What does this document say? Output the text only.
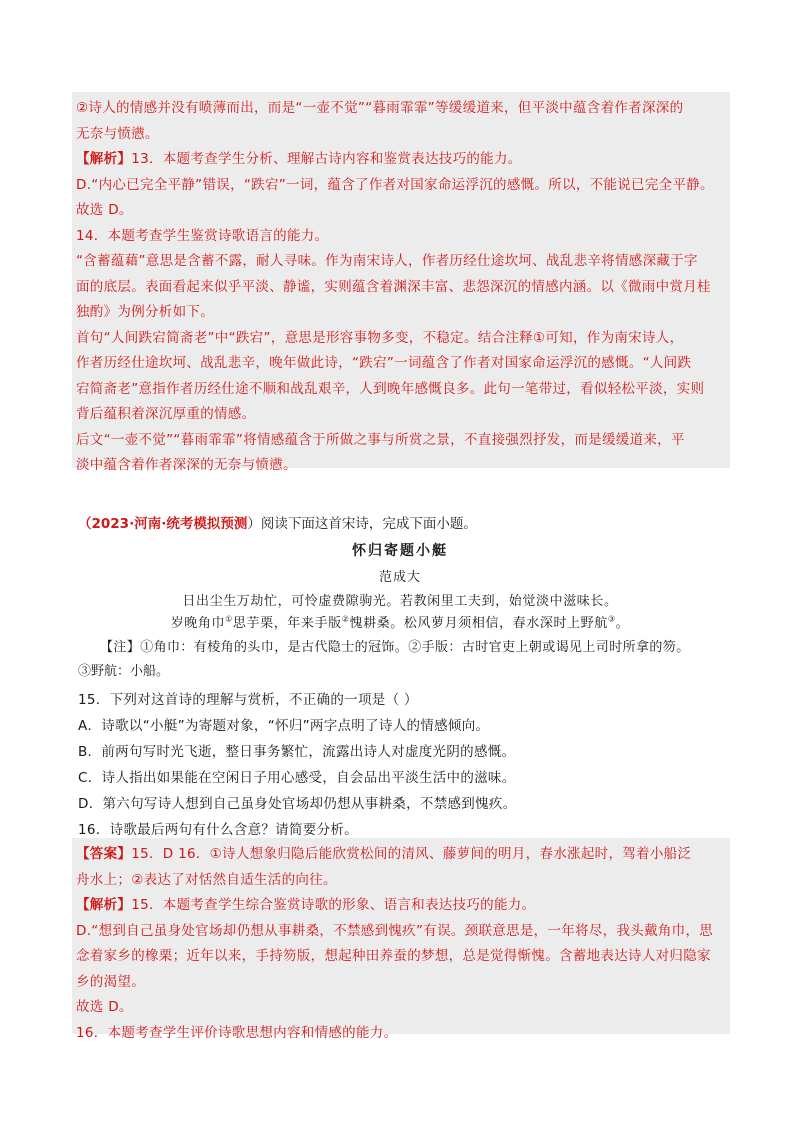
②诗人的情感并没有喷薄而出，而是“一壶不觉”“暮雨霏霏”等缓缓道来，但平淡中蕴含着作者深深的
无奈与愤懑。
【解析】13．本题考查学生分析、理解古诗内容和鉴赏表达技巧的能力。
D.“内心已完全平静”错误，“跌宕”一词，蕴含了作者对国家命运浮沉的感慨。所以，不能说已完全平静。
故选 D。
14．本题考查学生鉴赏诗歌语言的能力。
“含蓄蕴藉”意思是含蓄不露，耐人寻味。作为南宋诗人，作者历经仕途坎坷、战乱悲辛将情感深藏于字
面的底层。表面看起来似乎平淡、静谧，实则蕴含着渊深丰富、悲怨深沉的情感内涵。以《微雨中赏月桂
独酌》为例分析如下。
首句“人间跌宕简斋老”中“跌宕”，意思是形容事物多变，不稳定。结合注释①可知，作为南宋诗人，
作者历经仕途坎坷、战乱悲辛，晚年做此诗，“跌宕”一词蕴含了作者对国家命运浮沉的感慨。“人间跌
宕简斋老”意指作者历经仕途不顺和战乱艰辛，人到晚年感慨良多。此句一笔带过，看似轻松平淡，实则
背后蕴积着深沉厚重的情感。
后文“一壶不觉”“暮雨霏霏”将情感蕴含于所做之事与所赏之景，不直接强烈抒发，而是缓缓道来，平
淡中蕴含着作者深深的无奈与愤懑。
（2023·河南·统考模拟预测）阅读下面这首宋诗，完成下面小题。
怀归寄题小艇
范成大
日出尘生万劫忙，可怜虚费隙驹光。若教闲里工夫到，始觉淡中滋味长。
岁晚角巾①思芋栗，年来手版②愧耕桑。松风萝月须相信，春水深时上野航③。
【注】①角巾：有棱角的头巾，是古代隐士的冠饰。②手版：古时官吏上朝或谒见上司时所拿的笏。
③野航：小船。
15．下列对这首诗的理解与赏析，不正确的一项是（ ）
A．诗歌以“小艇”为寄题对象，“怀归”两字点明了诗人的情感倾向。
B．前两句写时光飞逝，整日事务繁忙，流露出诗人对虚度光阴的感慨。
C．诗人指出如果能在空闲日子用心感受，自会品出平淡生活中的滋味。
D．第六句写诗人想到自己虽身处官场却仍想从事耕桑，不禁感到愧疚。
16．诗歌最后两句有什么含意？请简要分析。
【答案】15．D 16．①诗人想象归隐后能欣赏松间的清风、藤萝间的明月，春水涨起时，驾着小船泛
舟水上；②表达了对恬然自适生活的向往。
【解析】15．本题考查学生综合鉴赏诗歌的形象、语言和表达技巧的能力。
D.“想到自己虽身处官场却仍想从事耕桑，不禁感到愧疚”有误。颈联意思是，一年将尽，我头戴角巾，思
念着家乡的橡栗；近年以来，手持笏版，想起种田养蚕的梦想，总是觉得惭愧。含蓄地表达诗人对归隐家
乡的渴望。
故选 D。
16．本题考查学生评价诗歌思想内容和情感的能力。
